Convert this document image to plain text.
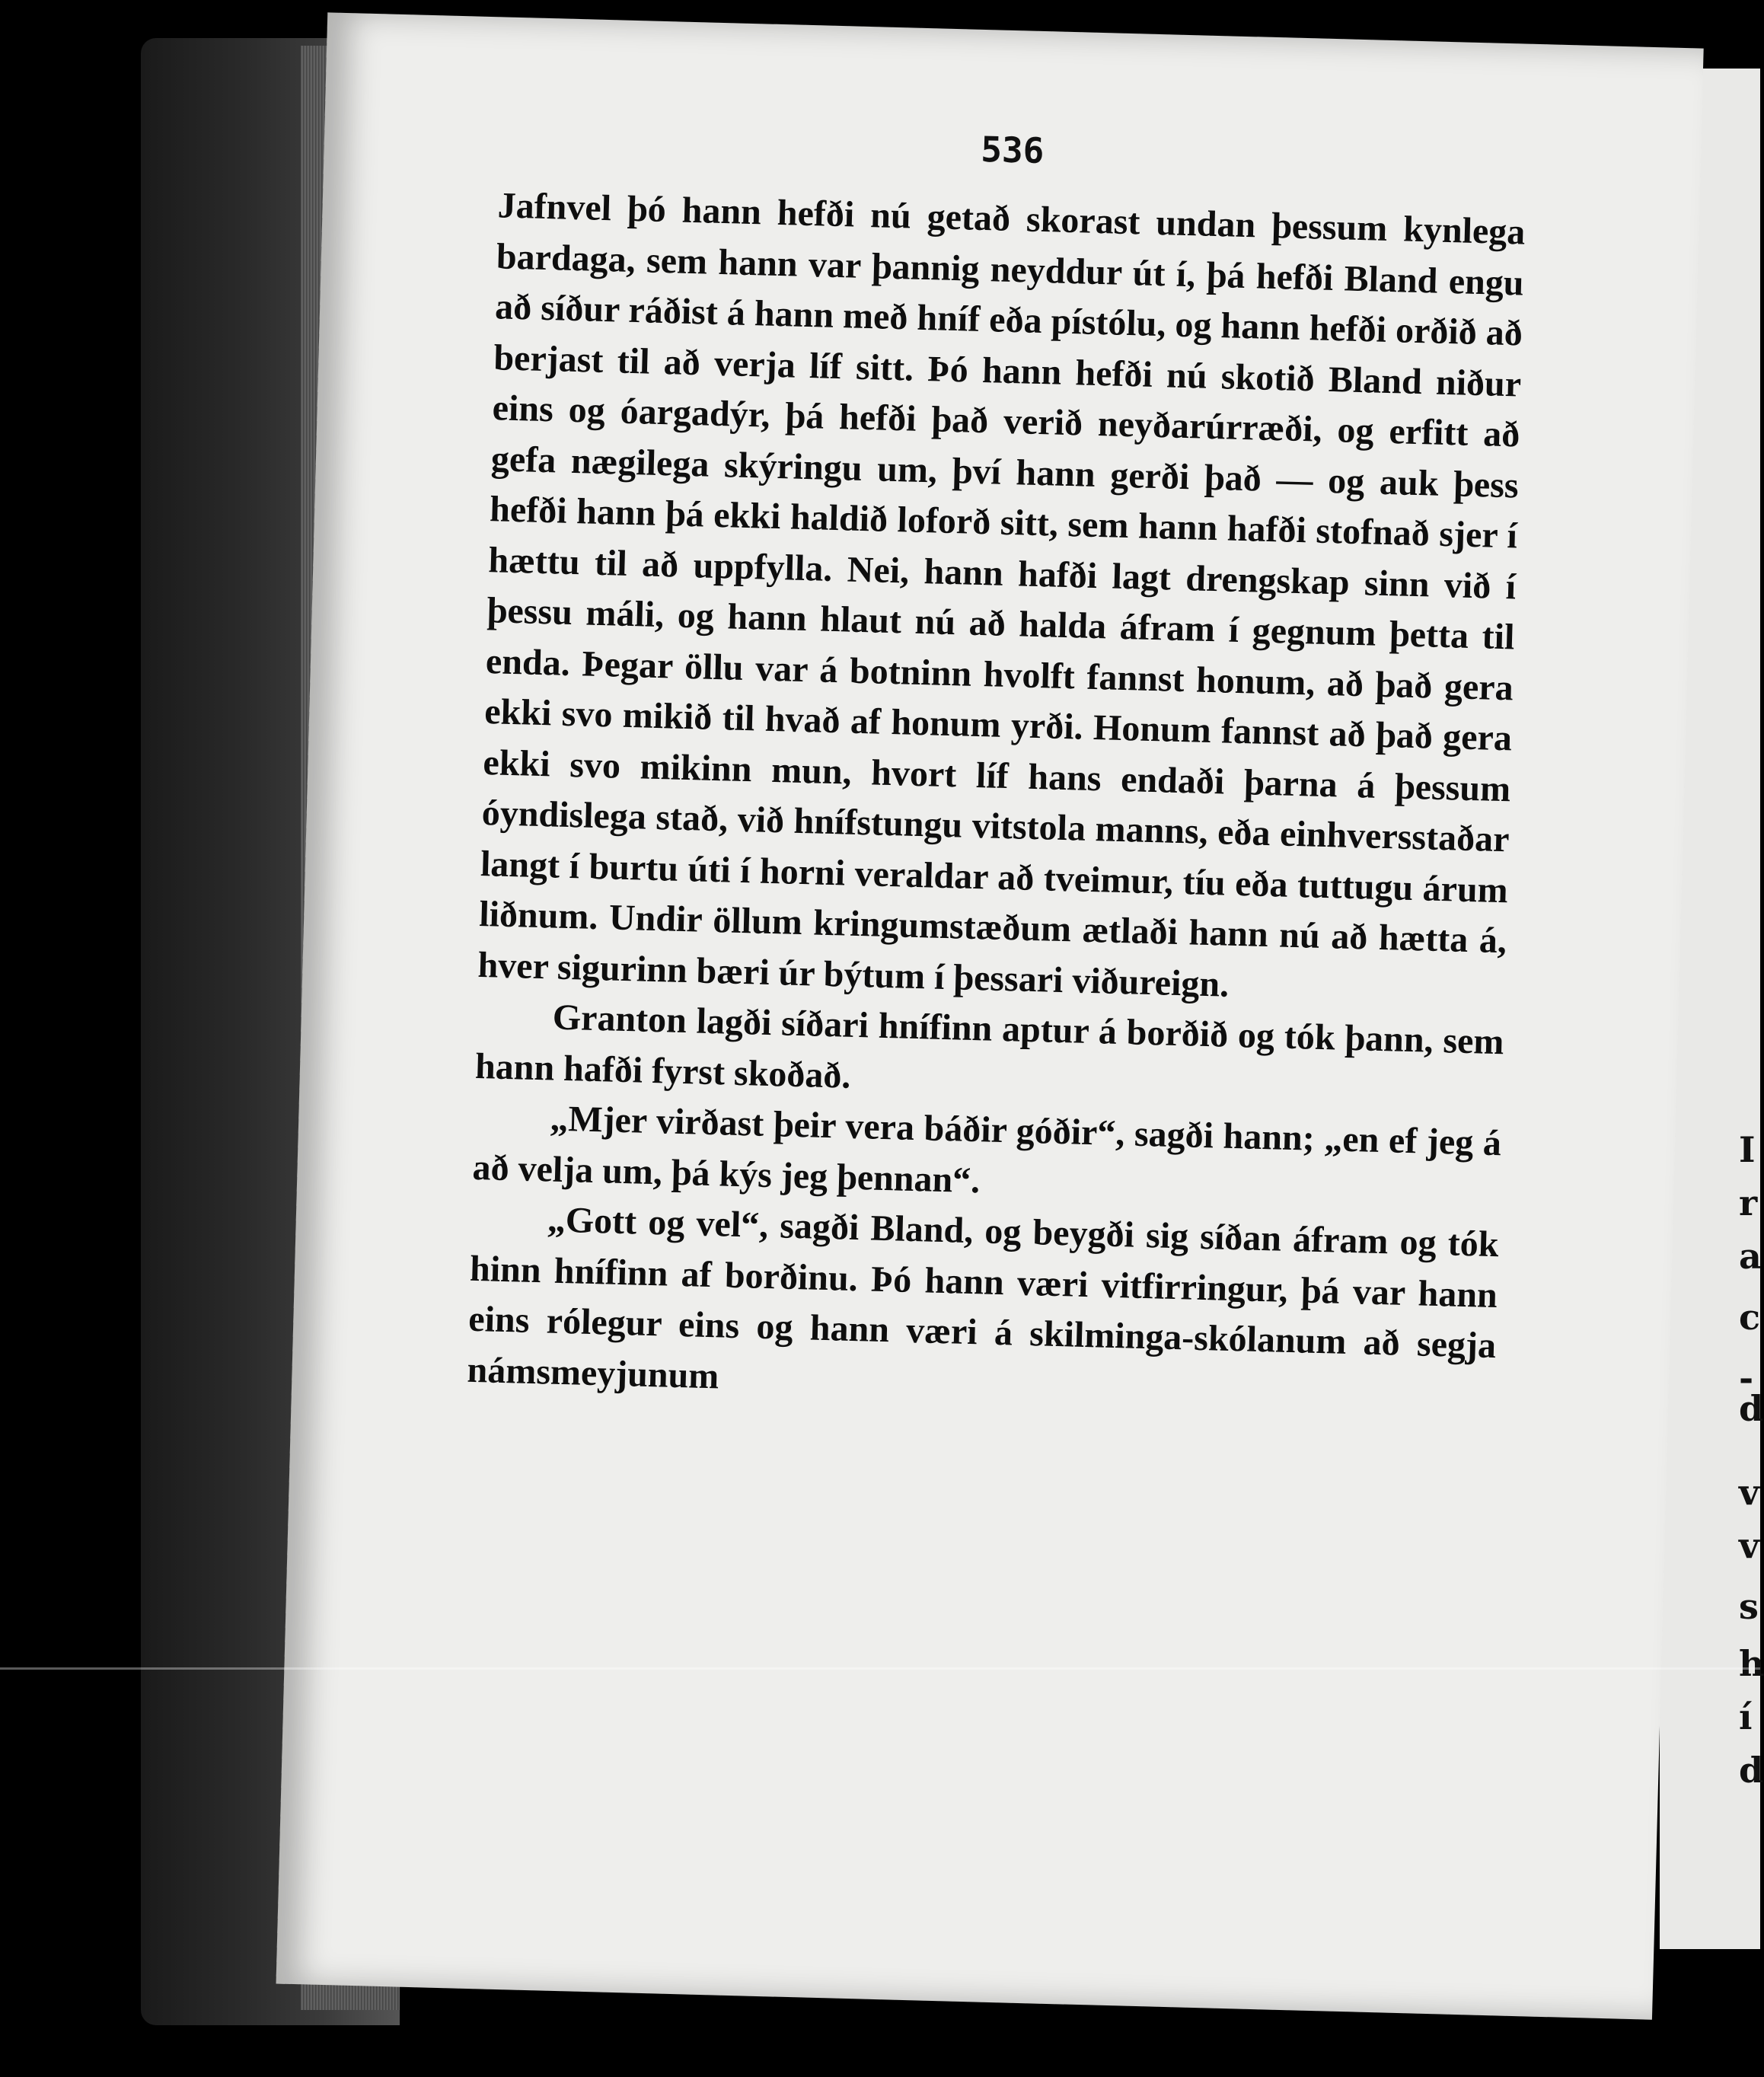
I
r
a
c
-d
v
v
s
h
í
d
536

Jafnvel þó hann hefði nú getað skorast undan þessum kynlega bardaga, sem hann var þannig neyddur út í, þá hefði Bland engu að síður ráðist á hann með hníf eða pístólu, og hann hefði orðið að berjast til að verja líf sitt. Þó hann hefði nú skotið Bland niður eins og óargadýr, þá hefði það verið neyðarúrræði, og erfitt að gefa nægilega skýringu um, því hann gerði það — og auk þess hefði hann þá ekki haldið loforð sitt, sem hann hafði stofnað sjer í hættu til að uppfylla. Nei, hann hafði lagt drengskap sinn við í þessu máli, og hann hlaut nú að halda áfram í gegnum þetta til enda. Þegar öllu var á botninn hvolft fannst honum, að það gera ekki svo mikið til hvað af honum yrði. Honum fannst að það gera ekki svo mikinn mun, hvort líf hans endaði þarna á þessum óyndislega stað, við hnífstungu vitstola manns, eða einhversstaðar langt í burtu úti í horni veraldar að tveimur, tíu eða tuttugu árum liðnum. Undir öllum kringumstæðum ætlaði hann nú að hætta á, hver sigurinn bæri úr býtum í þessari viðureign.

Granton lagði síðari hnífinn aptur á borðið og tók þann, sem hann hafði fyrst skoðað.

„Mjer virðast þeir vera báðir góðir“, sagði hann; „en ef jeg á að velja um, þá kýs jeg þennan“.

„Gott og vel“, sagði Bland, og beygði sig síðan áfram og tók hinn hnífinn af borðinu. Þó hann væri vitfirringur, þá var hann eins rólegur eins og hann væri á skilminga-skólanum að segja námsmeyjunum
